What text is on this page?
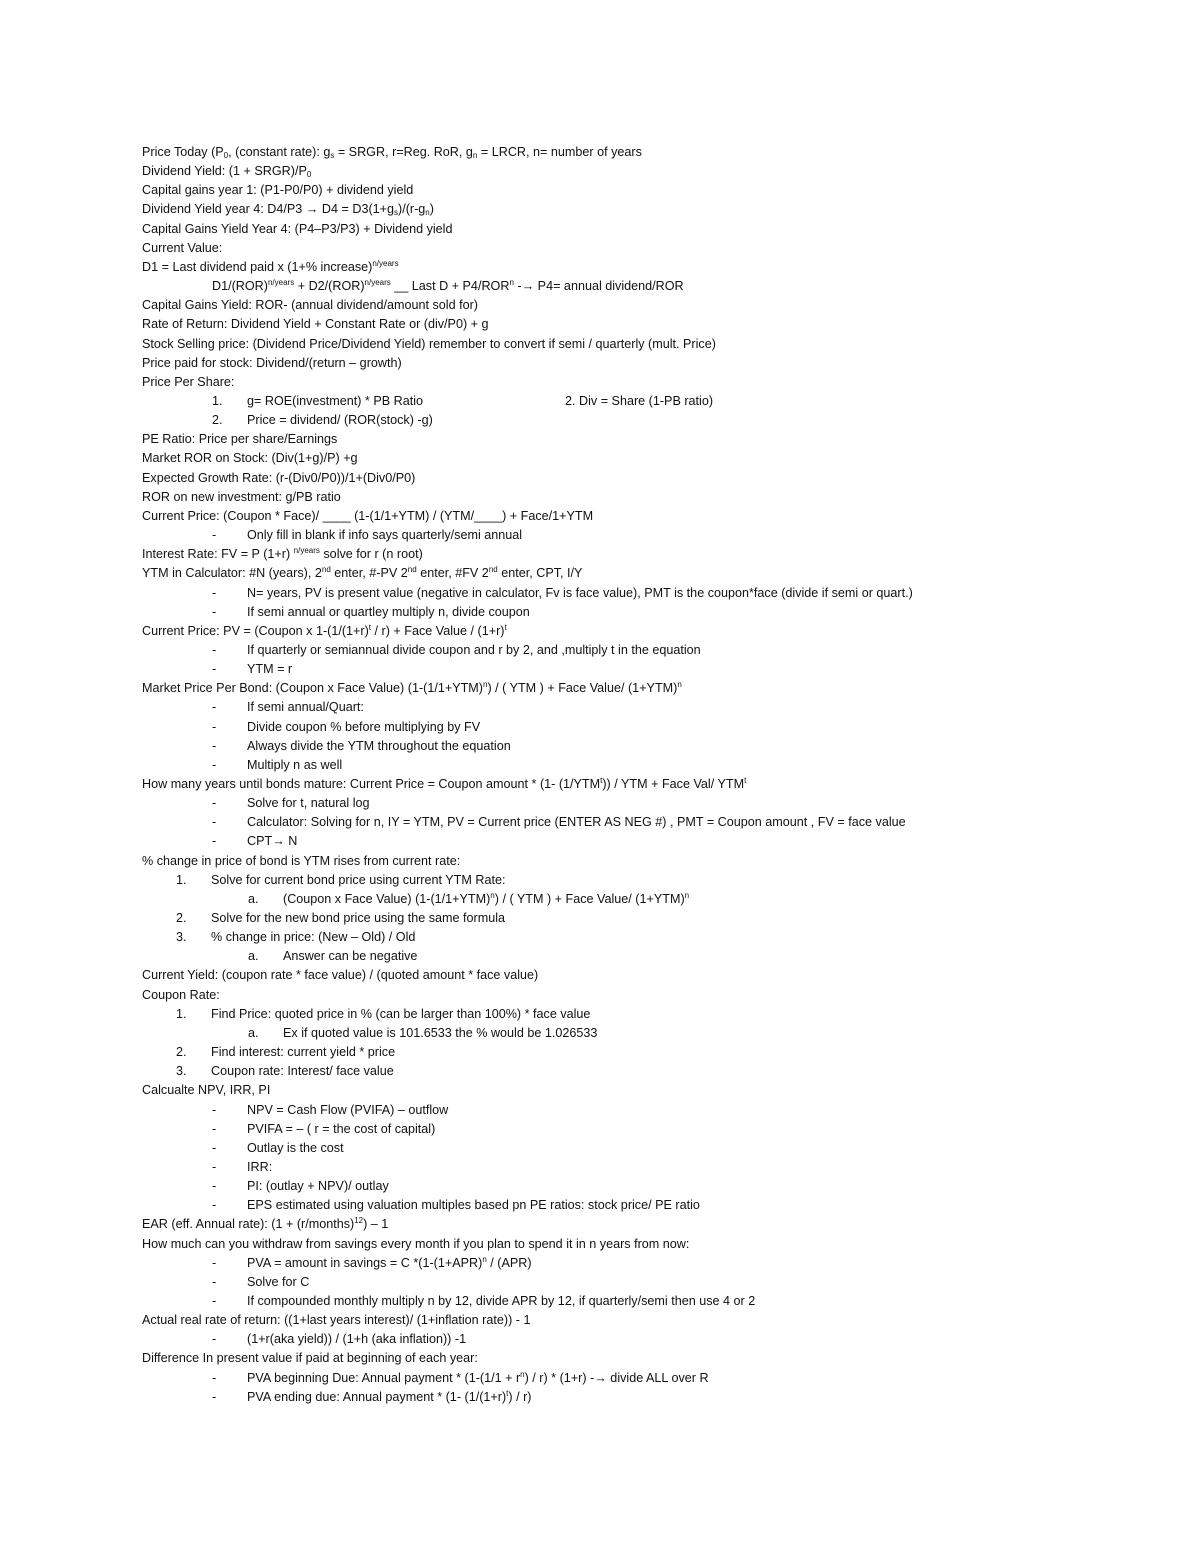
Price Today ($P_0$, (constant rate): $g_s$ = SRGR, r=Reg. RoR, $g_n$ = LRCR, n= number of years
Dividend Yield: $(1 + SRGR)/P_0$
Capital gains year 1: (P1-P0/P0) + dividend yield
Dividend Yield year 4: $D4/P3 \to D4 = D3(1+g_s)/(r-g_n)$
Capital Gains Yield Year 4: (P4–P3/P3) + Dividend yield
Current Value:
D1 = Last dividend paid x (1+% increase)$^{n/years}$
D1/(ROR)$^{n/years}$ + D2/(ROR)$^{n/years}$ __ Last $D + P4/ROR^n -\to P4=$ annual dividend/ROR
Capital Gains Yield: ROR- (annual dividend/amount sold for)
Rate of Return: Dividend Yield + Constant Rate or (div/P0) + g
Stock Selling price: (Dividend Price/Dividend Yield) remember to convert if semi / quarterly (mult. Price)
Price paid for stock: Dividend/(return – growth)
Price Per Share:
1. g= ROE(investment) * PB Ratio	2. Div = Share (1-PB ratio)
2. Price = dividend/ (ROR(stock) -g)
PE Ratio: Price per share/Earnings
Market ROR on Stock: (Div(1+g)/P) +g
Expected Growth Rate: (r-(Div0/P0))/1+(Div0/P0)
ROR on new investment: g/PB ratio
Current Price: (Coupon * Face)/ ____ (1-(1/1+YTM) / (YTM/____) + Face/1+YTM
- Only fill in blank if info says quarterly/semi annual
Interest Rate: FV = P (1+r) $^{n/years}$ solve for r (n root)
YTM in Calculator: #N (years), 2nd enter, #-PV 2nd enter, #FV 2nd enter, CPT, I/Y
- N= years, PV is present value (negative in calculator, Fv is face value), PMT is the coupon*face (divide if semi or quart.)
- If semi annual or quartley multiply n, divide coupon
Current Price: PV = (Coupon x $1-(1/(1+r)^t / r)$ + Face Value / $(1+r)^t$
- If quarterly or semiannual divide coupon and r by 2, and ,multiply t in the equation
- YTM = r
Market Price Per Bond: (Coupon x Face Value) $(1-(1/1+YTM)^n)$ / ( YTM ) + Face Value/ $(1+YTM)^n$
- If semi annual/Quart:
- Divide coupon % before multiplying by FV
- Always divide the YTM throughout the equation
- Multiply n as well
How many years until bonds mature: Current Price = Coupon amount * (1- (1/YTM$^t$)) / YTM + Face Val/ YTM$^t$
- Solve for t, natural log
- Calculator: Solving for n, IY = YTM, PV = Current price (ENTER AS NEG #) , PMT = Coupon amount , FV = face value
- CPT→ N
% change in price of bond is YTM rises from current rate:
1. Solve for current bond price using current YTM Rate:
a. (Coupon x Face Value) $(1-(1/1+YTM)^n)$ / ( YTM ) + Face Value/ $(1+YTM)^n$
2. Solve for the new bond price using the same formula
3. % change in price: (New – Old) / Old
a. Answer can be negative
Current Yield: (coupon rate * face value) / (quoted amount * face value)
Coupon Rate:
1. Find Price: quoted price in % (can be larger than 100%) * face value
a. Ex if quoted value is 101.6533 the % would be 1.026533
2. Find interest: current yield * price
3. Coupon rate: Interest/ face value
Calcualte NPV, IRR, PI
- NPV = Cash Flow (PVIFA) – outflow
- PVIFA = – ( r = the cost of capital)
- Outlay is the cost
- IRR:
- PI: (outlay + NPV)/ outlay
- EPS estimated using valuation multiples based pn PE ratios: stock price/ PE ratio
EAR (eff. Annual rate): (1 + (r/months)$^{12}$) – 1
How much can you withdraw from savings every month if you plan to spend it in n years from now:
- PVA = amount in savings = C $*(1-(1+APR)^n / (APR)$
- Solve for C
- If compounded monthly multiply n by 12, divide APR by 12, if quarterly/semi then use 4 or 2
Actual real rate of return: ((1+last years interest)/ (1+inflation rate)) - 1
- (1+r(aka yield)) / (1+h (aka inflation)) -1
Difference In present value if paid at beginning of each year:
- PVA beginning Due: Annual payment * $(1-(1/1 + r^n) / r) * (1+r)$ -→ divide ALL over R
- PVA ending due: Annual payment * (1- $(1/(1+r)^t) / r$)
